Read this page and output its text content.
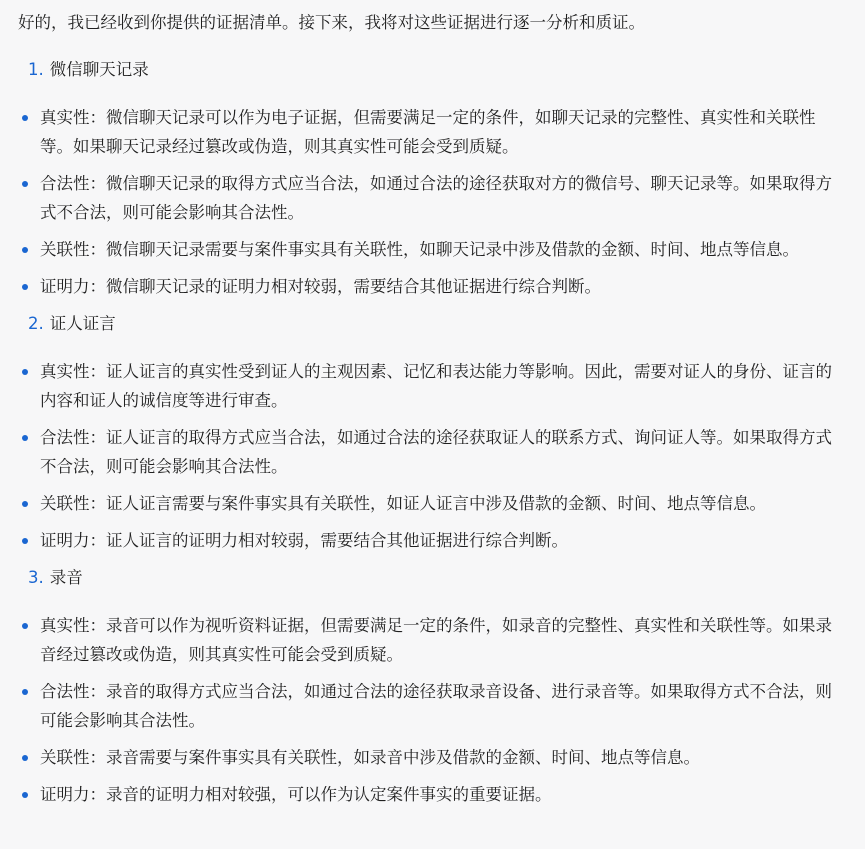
好的，我已经收到你提供的证据清单。接下来，我将对这些证据进行逐一分析和质证。

1. 微信聊天记录
真实性：微信聊天记录可以作为电子证据，但需要满足一定的条件，如聊天记录的完整性、真实性和关联性等。如果聊天记录经过篡改或伪造，则其真实性可能会受到质疑。
合法性：微信聊天记录的取得方式应当合法，如通过合法的途径获取对方的微信号、聊天记录等。如果取得方式不合法，则可能会影响其合法性。
关联性：微信聊天记录需要与案件事实具有关联性，如聊天记录中涉及借款的金额、时间、地点等信息。
证明力：微信聊天记录的证明力相对较弱，需要结合其他证据进行综合判断。
2. 证人证言
真实性：证人证言的真实性受到证人的主观因素、记忆和表达能力等影响。因此，需要对证人的身份、证言的内容和证人的诚信度等进行审查。
合法性：证人证言的取得方式应当合法，如通过合法的途径获取证人的联系方式、询问证人等。如果取得方式不合法，则可能会影响其合法性。
关联性：证人证言需要与案件事实具有关联性，如证人证言中涉及借款的金额、时间、地点等信息。
证明力：证人证言的证明力相对较弱，需要结合其他证据进行综合判断。
3. 录音
真实性：录音可以作为视听资料证据，但需要满足一定的条件，如录音的完整性、真实性和关联性等。如果录音经过篡改或伪造，则其真实性可能会受到质疑。
合法性：录音的取得方式应当合法，如通过合法的途径获取录音设备、进行录音等。如果取得方式不合法，则可能会影响其合法性。
关联性：录音需要与案件事实具有关联性，如录音中涉及借款的金额、时间、地点等信息。
证明力：录音的证明力相对较强，可以作为认定案件事实的重要证据。
